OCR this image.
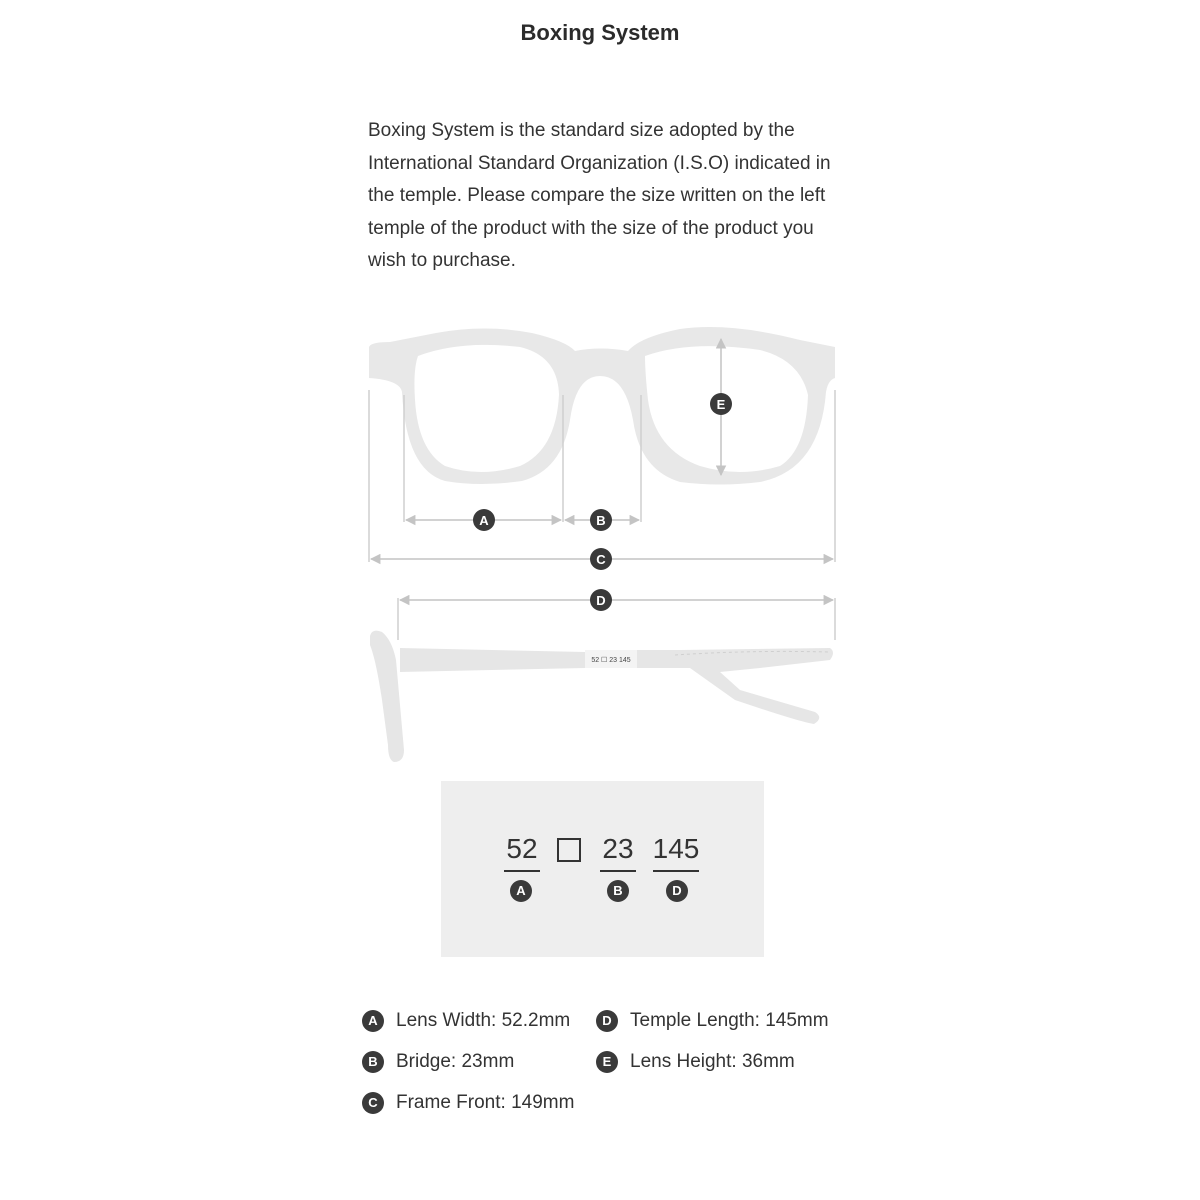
Boxing System
Boxing System is the standard size adopted by the International Standard Organization (I.S.O) indicated in the temple. Please compare the size written on the left temple of the product with the size of the product you wish to purchase.
52 ☐ 23 145
A	B
C
D
E
52
A
23
B
145
D
A Lens Width: 52.2mm	D Temple Length: 145mm
B Bridge: 23mm	E Lens Height: 36mm
C Frame Front: 149mm
